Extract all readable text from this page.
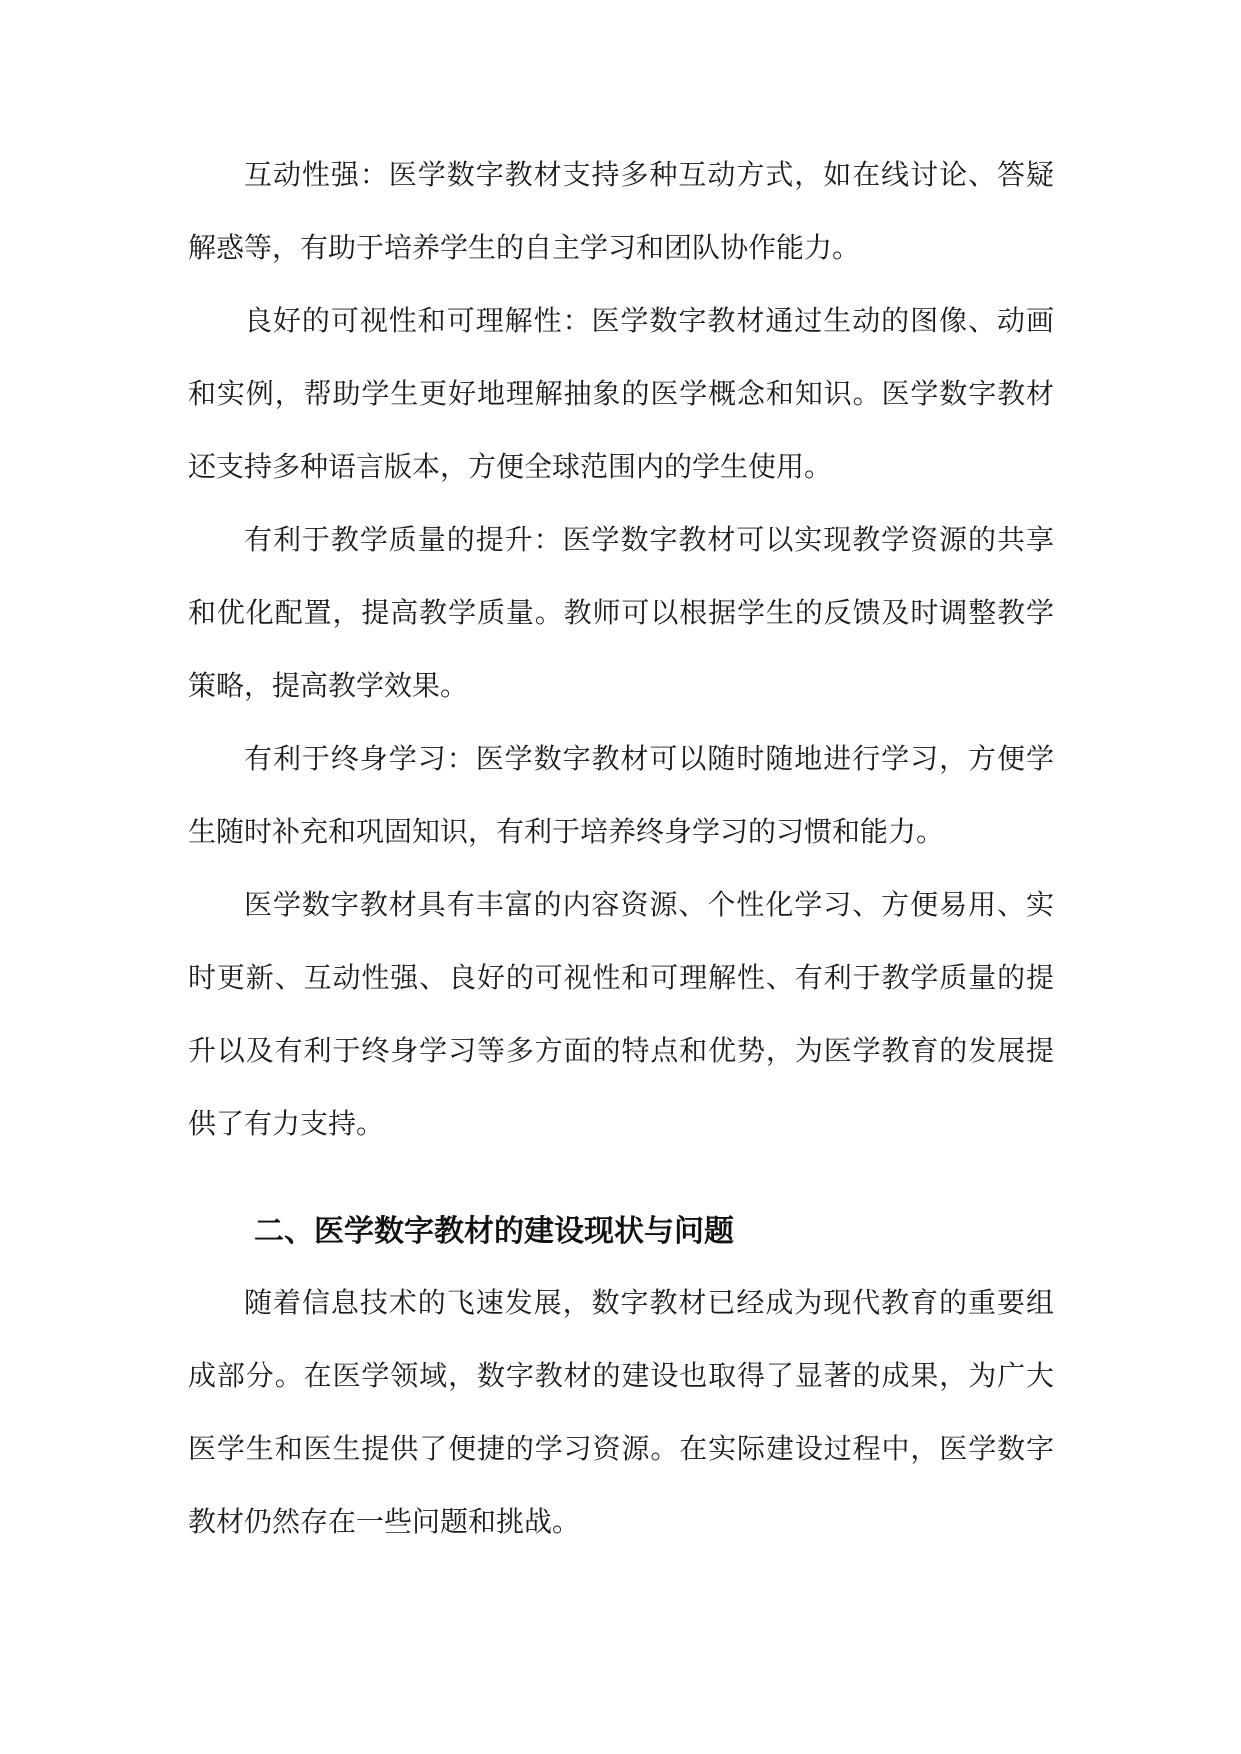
互动性强：医学数字教材支持多种互动方式，如在线讨论、答疑解惑等，有助于培养学生的自主学习和团队协作能力。

良好的可视性和可理解性：医学数字教材通过生动的图像、动画和实例，帮助学生更好地理解抽象的医学概念和知识。医学数字教材还支持多种语言版本，方便全球范围内的学生使用。

有利于教学质量的提升：医学数字教材可以实现教学资源的共享和优化配置，提高教学质量。教师可以根据学生的反馈及时调整教学策略，提高教学效果。

有利于终身学习：医学数字教材可以随时随地进行学习，方便学生随时补充和巩固知识，有利于培养终身学习的习惯和能力。

医学数字教材具有丰富的内容资源、个性化学习、方便易用、实时更新、互动性强、良好的可视性和可理解性、有利于教学质量的提升以及有利于终身学习等多方面的特点和优势，为医学教育的发展提供了有力支持。

二、医学数字教材的建设现状与问题

随着信息技术的飞速发展，数字教材已经成为现代教育的重要组成部分。在医学领域，数字教材的建设也取得了显著的成果，为广大医学生和医生提供了便捷的学习资源。在实际建设过程中，医学数字教材仍然存在一些问题和挑战。
